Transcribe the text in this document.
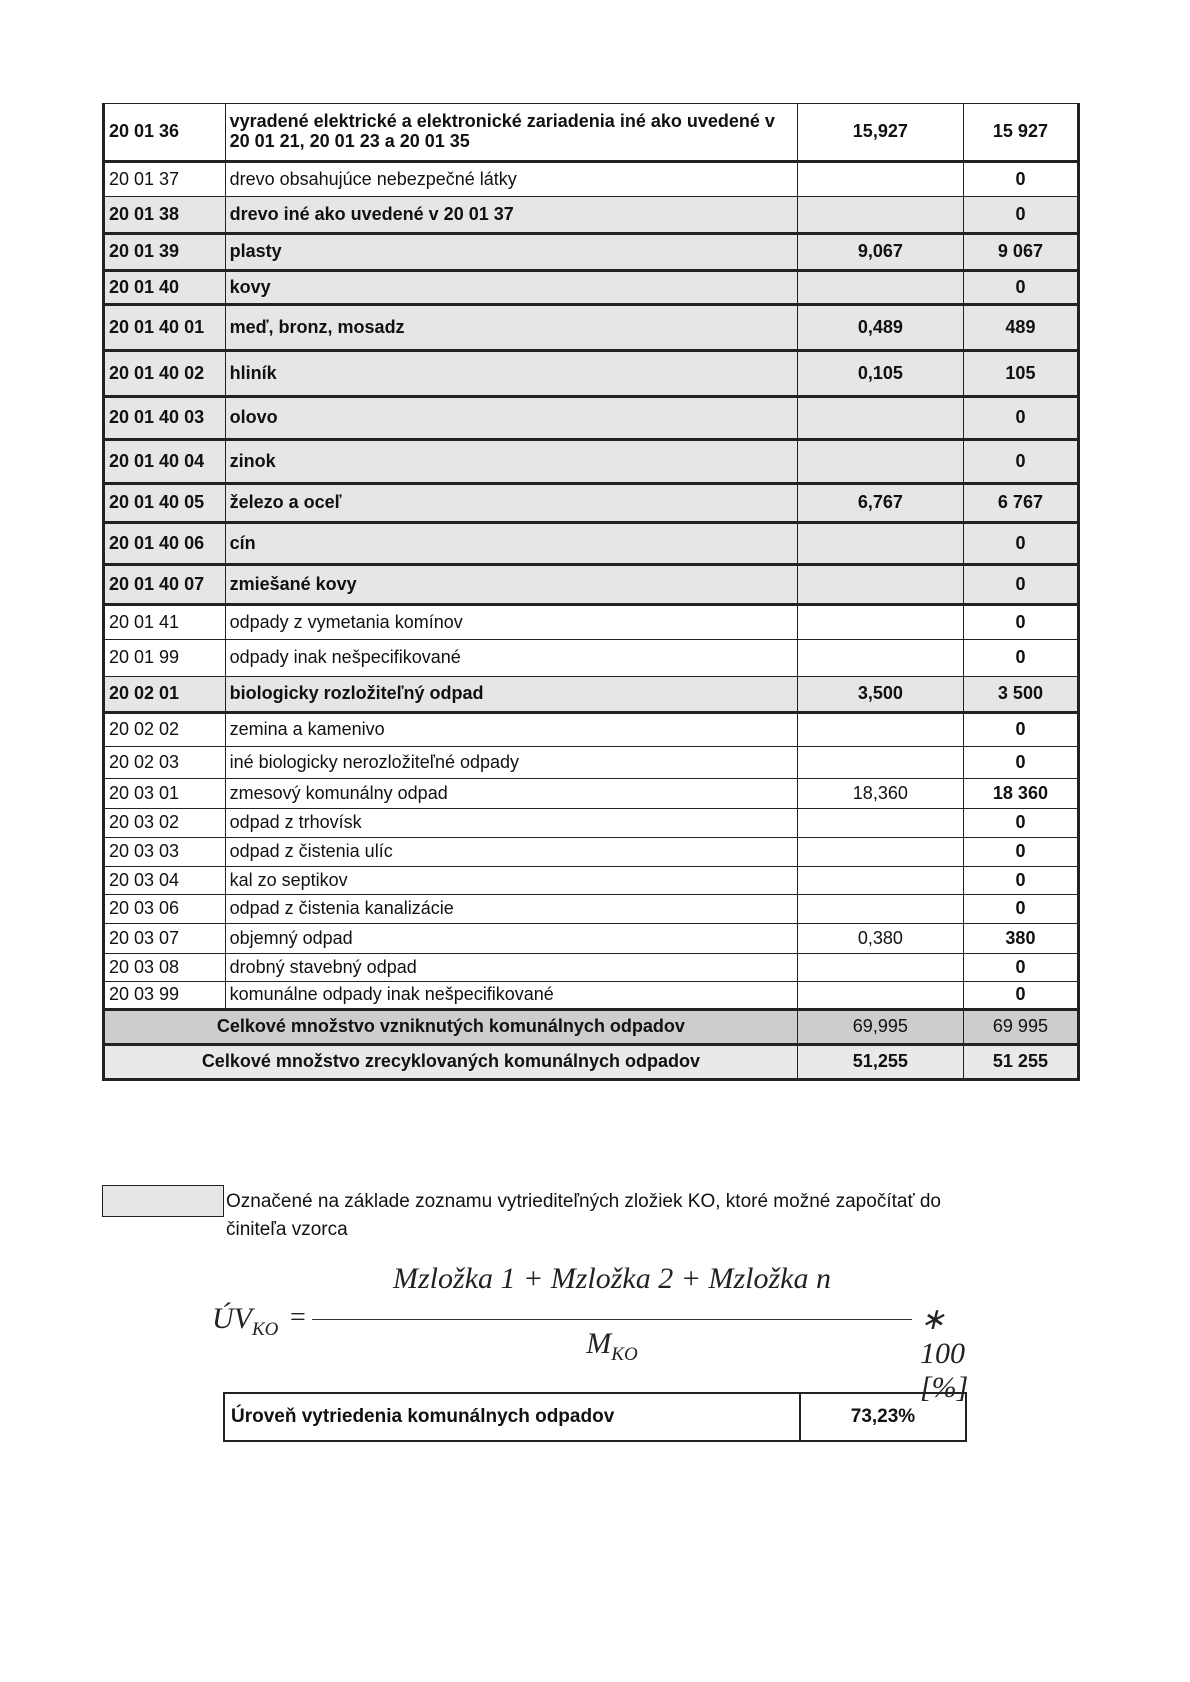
20 01 36	vyradené elektrické a elektronické zariadenia iné ako uvedené v 20 01 21, 20 01 23 a 20 01 35	15,927	15 927
20 01 37	drevo obsahujúce nebezpečné látky		0
20 01 38	drevo iné ako uvedené v 20 01 37		0
20 01 39	plasty	9,067	9 067
20 01 40	kovy		0
20 01 40 01	meď, bronz, mosadz	0,489	489
20 01 40 02	hliník	0,105	105
20 01 40 03	olovo		0
20 01 40 04	zinok		0
20 01 40 05	železo a oceľ	6,767	6 767
20 01 40 06	cín		0
20 01 40 07	zmiešané kovy		0
20 01 41	odpady z vymetania komínov		0
20 01 99	odpady inak nešpecifikované		0
20 02 01	biologicky rozložiteľný odpad	3,500	3 500
20 02 02	zemina a kamenivo		0
20 02 03	iné biologicky nerozložiteľné odpady		0
20 03 01	zmesový komunálny odpad	18,360	18 360
20 03 02	odpad z trhovísk		0
20 03 03	odpad z čistenia ulíc		0
20 03 04	kal zo septikov		0
20 03 06	odpad z čistenia kanalizácie		0
20 03 07	objemný odpad	0,380	380
20 03 08	drobný stavebný odpad		0
20 03 99	komunálne odpady inak nešpecifikované		0
Celkové množstvo vzniknutých komunálnych odpadov		69,995	69 995
Celkové množstvo zrecyklovaných komunálnych odpadov		51,255	51 255
Označené na základe zoznamu vytriediteľných zložiek KO, ktoré možné započítať do činiteľa vzorca
$ÚV_{KO}$ =
Mzložka 1 + Mzložka 2 + Mzložka n
$M_{KO}$
∗ 100 [%]
Úroveň vytriedenia komunálnych odpadov	73,23%
